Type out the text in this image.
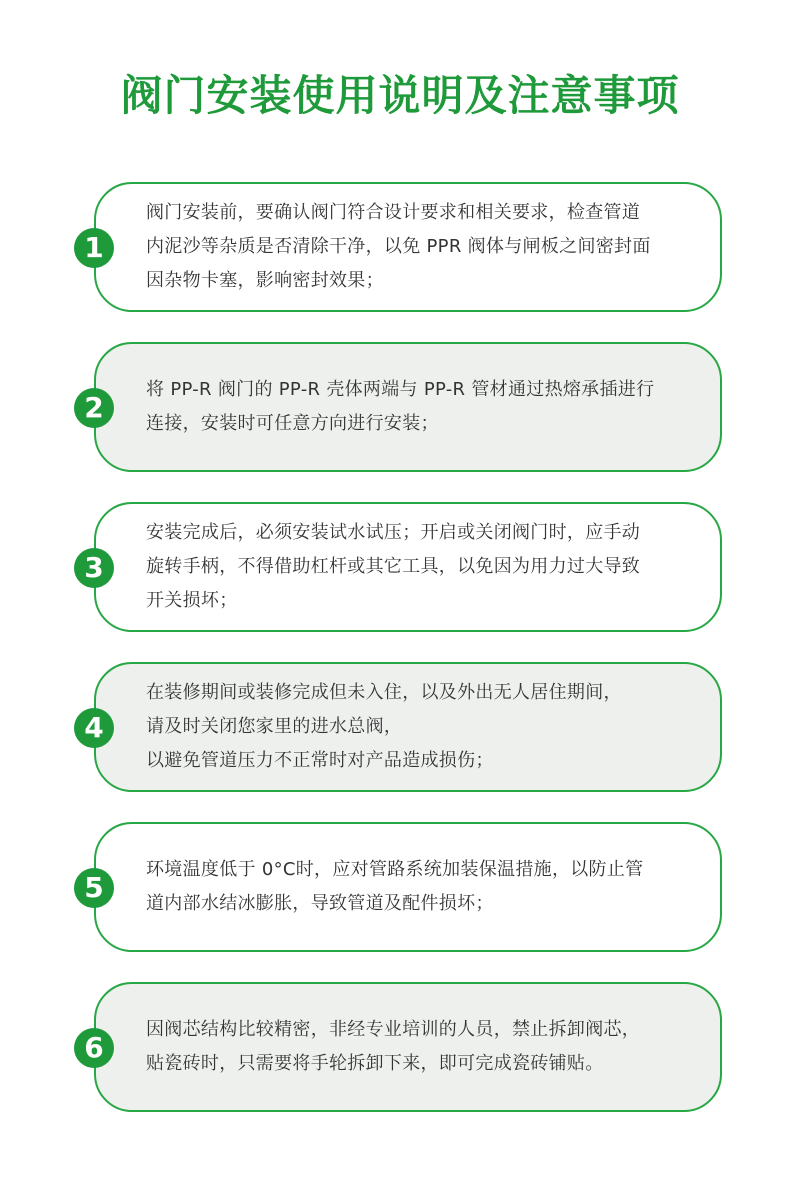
阀门安装使用说明及注意事项
阀门安装前，要确认阀门符合设计要求和相关要求，检查管道
内泥沙等杂质是否清除干净，以免 PPR 阀体与闸板之间密封面
因杂物卡塞，影响密封效果；
1
将 PP-R 阀门的 PP-R 壳体两端与 PP-R 管材通过热熔承插进行
连接，安装时可任意方向进行安装；
2
安装完成后，必须安装试水试压；开启或关闭阀门时，应手动
旋转手柄，不得借助杠杆或其它工具，以免因为用力过大导致
开关损坏；
3
在装修期间或装修完成但未入住，以及外出无人居住期间，
请及时关闭您家里的进水总阀，
以避免管道压力不正常时对产品造成损伤；
4
环境温度低于 0°C时，应对管路系统加装保温措施，以防止管
道内部水结冰膨胀，导致管道及配件损坏；
5
因阀芯结构比较精密，非经专业培训的人员，禁止拆卸阀芯，
贴瓷砖时，只需要将手轮拆卸下来，即可完成瓷砖铺贴。
6
